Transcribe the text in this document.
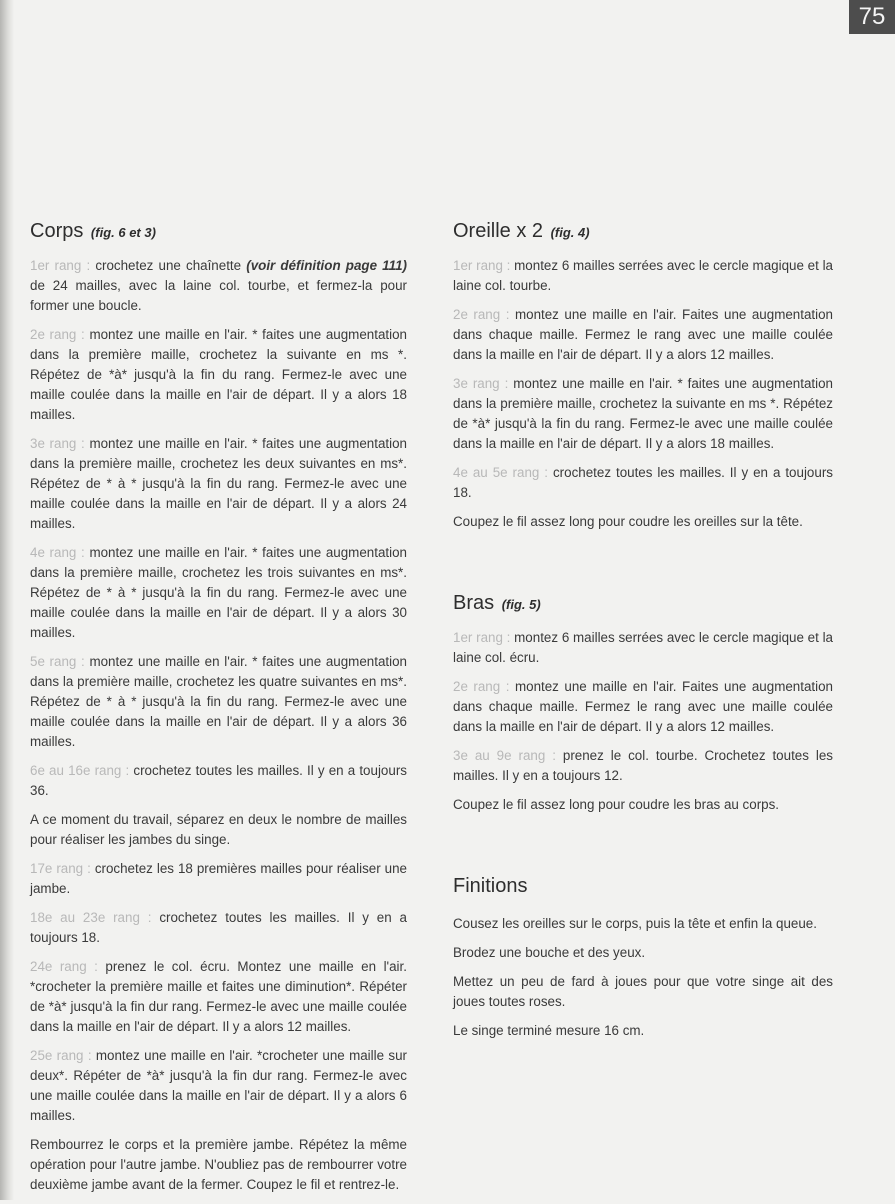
75
Corps (fig. 6 et 3)

1er rang : crochetez une chaînette (voir définition page 111) de 24 mailles, avec la laine col. tourbe, et fermez-la pour former une boucle.

2e rang : montez une maille en l'air. * faites une augmentation dans la première maille, crochetez la suivante en ms *. Répétez de *à* jusqu'à la fin du rang. Fermez-le avec une maille coulée dans la maille en l'air de départ. Il y a alors 18 mailles.

3e rang : montez une maille en l'air. * faites une augmentation dans la première maille, crochetez les deux suivantes en ms*. Répétez de * à * jusqu'à la fin du rang. Fermez-le avec une maille coulée dans la maille en l'air de départ. Il y a alors 24 mailles.

4e rang : montez une maille en l'air. * faites une augmentation dans la première maille, crochetez les trois suivantes en ms*. Répétez de * à * jusqu'à la fin du rang. Fermez-le avec une maille coulée dans la maille en l'air de départ. Il y a alors 30 mailles.

5e rang : montez une maille en l'air. * faites une augmentation dans la première maille, crochetez les quatre suivantes en ms*. Répétez de * à * jusqu'à la fin du rang. Fermez-le avec une maille coulée dans la maille en l'air de départ. Il y a alors 36 mailles.

6e au 16e rang : crochetez toutes les mailles. Il y en a toujours 36.

A ce moment du travail, séparez en deux le nombre de mailles pour réaliser les jambes du singe.

17e rang : crochetez les 18 premières mailles pour réaliser une jambe.

18e au 23e rang : crochetez toutes les mailles. Il y en a toujours 18.

24e rang : prenez le col. écru. Montez une maille en l'air. *crocheter la première maille et faites une diminution*. Répéter de *à* jusqu'à la fin dur rang. Fermez-le avec une maille coulée dans la maille en l'air de départ. Il y a alors 12 mailles.

25e rang : montez une maille en l'air. *crocheter une maille sur deux*. Répéter de *à* jusqu'à la fin dur rang. Fermez-le avec une maille coulée dans la maille en l'air de départ. Il y a alors 6 mailles.

Rembourrez le corps et la première jambe. Répétez la même opération pour l'autre jambe. N'oubliez pas de rembourrer votre deuxième jambe avant de la fermer. Coupez le fil et rentrez-le.

Oreille x 2 (fig. 4)

1er rang : montez 6 mailles serrées avec le cercle magique et la laine col. tourbe.

2e rang : montez une maille en l'air. Faites une augmentation dans chaque maille. Fermez le rang avec une maille coulée dans la maille en l'air de départ. Il y a alors 12 mailles.

3e rang : montez une maille en l'air. * faites une augmentation dans la première maille, crochetez la suivante en ms *. Répétez de *à* jusqu'à la fin du rang. Fermez-le avec une maille coulée dans la maille en l'air de départ. Il y a alors 18 mailles.

4e au 5e rang : crochetez toutes les mailles. Il y en a toujours 18.

Coupez le fil assez long pour coudre les oreilles sur la tête.

Bras (fig. 5)

1er rang : montez 6 mailles serrées avec le cercle magique et la laine col. écru.

2e rang : montez une maille en l'air. Faites une augmentation dans chaque maille. Fermez le rang avec une maille coulée dans la maille en l'air de départ. Il y a alors 12 mailles.

3e au 9e rang : prenez le col. tourbe. Crochetez toutes les mailles. Il y en a toujours 12.

Coupez le fil assez long pour coudre les bras au corps.

Finitions

Cousez les oreilles sur le corps, puis la tête et enfin la queue.

Brodez une bouche et des yeux.

Mettez un peu de fard à joues pour que votre singe ait des joues toutes roses.

Le singe terminé mesure 16 cm.
